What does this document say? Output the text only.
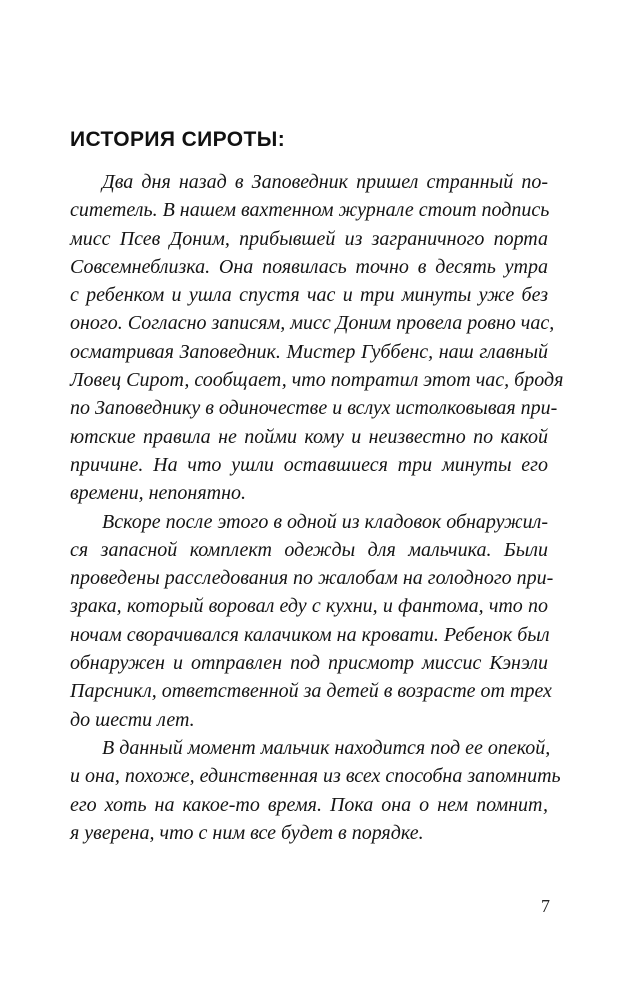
ИСТОРИЯ СИРОТЫ:
Два дня назад в Заповедник пришел странный по-
ситетель. В нашем вахтенном журнале стоит подпись
мисс Псев Доним, прибывшей из заграничного порта
Совсемнеблизка. Она появилась точно в десять утра
с ребенком и ушла спустя час и три минуты уже без
оного. Согласно записям, мисс Доним провела ровно час,
осматривая Заповедник. Мистер Губбенс, наш главный
Ловец Сирот, сообщает, что потратил этот час, бродя
по Заповеднику в одиночестве и вслух истолковывая при-
ютские правила не пойми кому и неизвестно по какой
причине. На что ушли оставшиеся три минуты его
времени, непонятно.
Вскоре после этого в одной из кладовок обнаружил-
ся запасной комплект одежды для мальчика. Были
проведены расследования по жалобам на голодного при-
зрака, который воровал еду с кухни, и фантома, что по
ночам сворачивался калачиком на кровати. Ребенок был
обнаружен и отправлен под присмотр миссис Кэнэли
Парсникл, ответственной за детей в возрасте от трех
до шести лет.
В данный момент мальчик находится под ее опекой,
и она, похоже, единственная из всех способна запомнить
его хоть на какое-то время. Пока она о нем помнит,
я уверена, что с ним все будет в порядке.
7
